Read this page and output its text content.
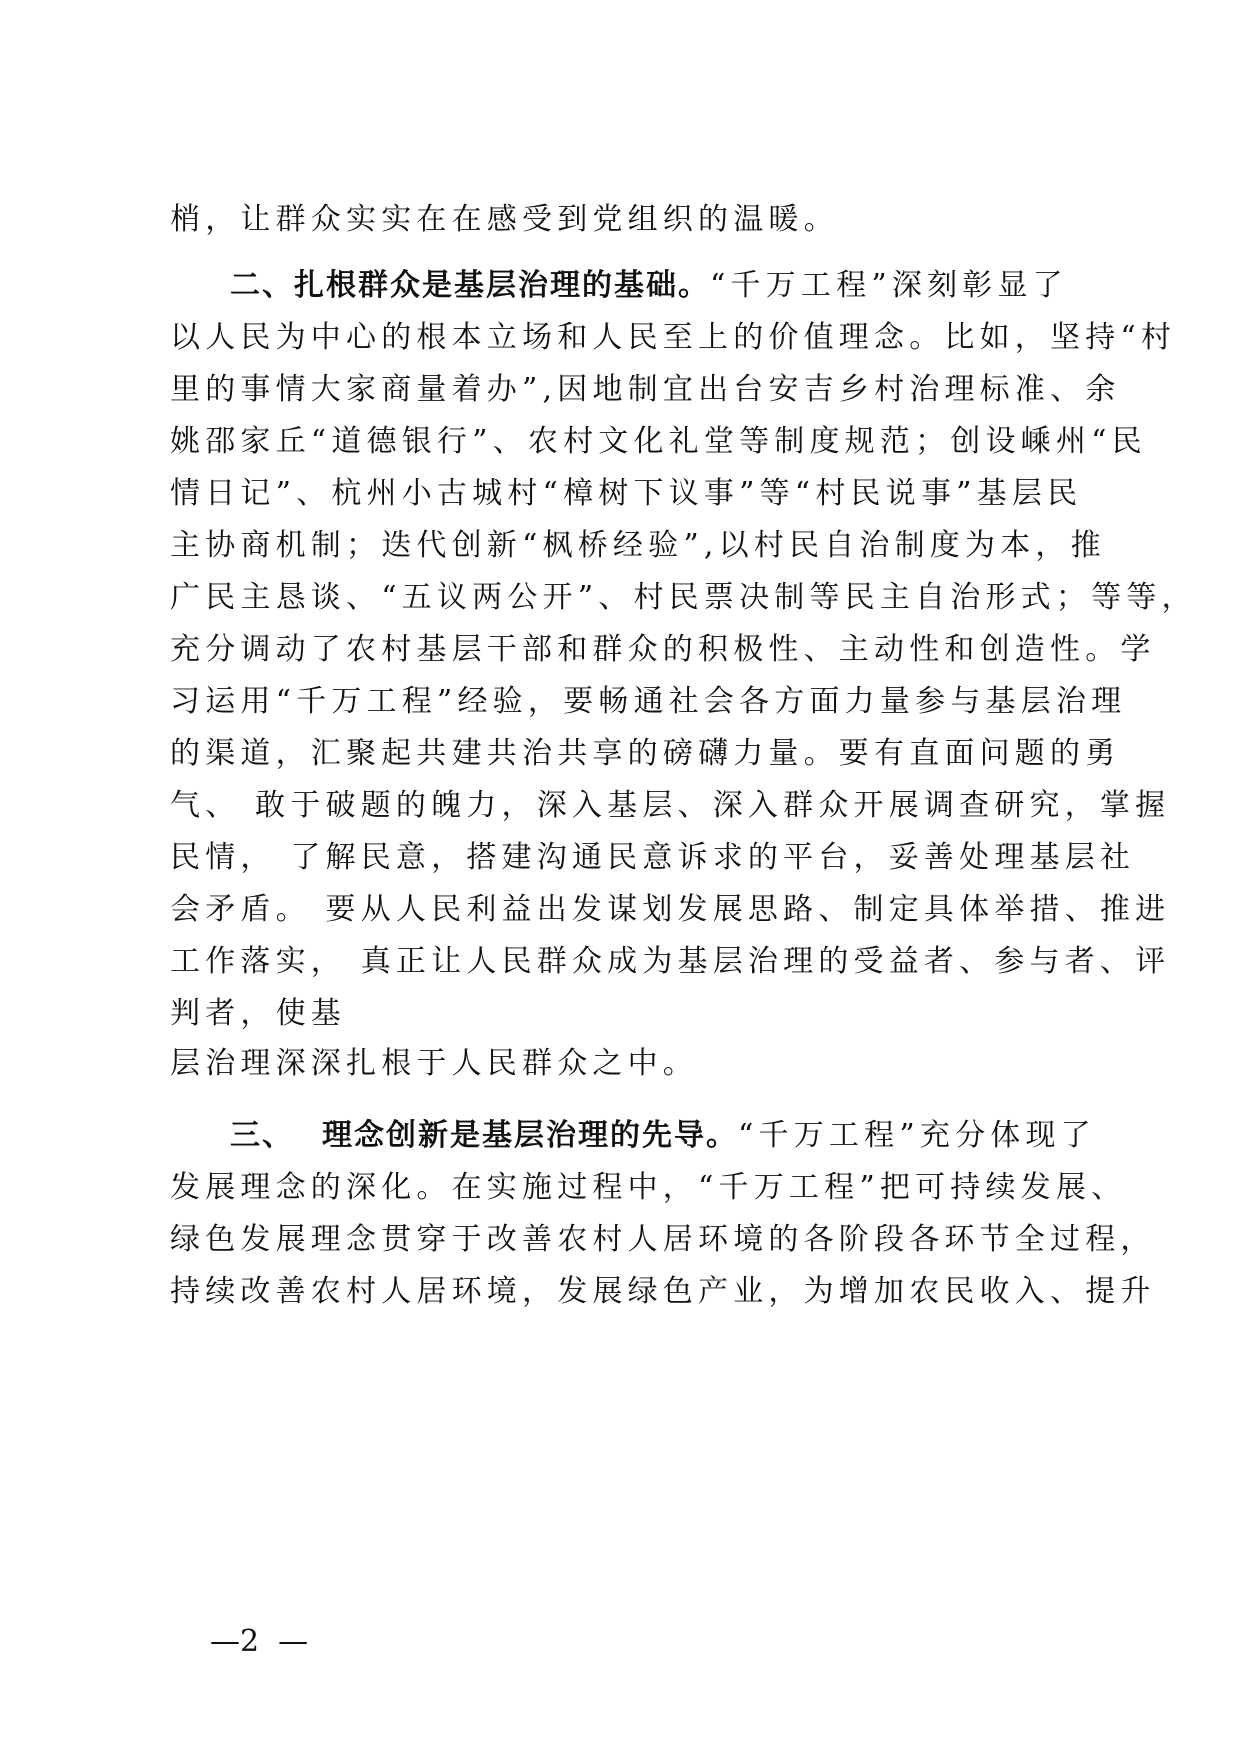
梢，让群众实实在在感受到党组织的温暖。
二、扎根群众是基层治理的基础。“千万工程”深刻彰显了
以人民为中心的根本立场和人民至上的价值理念。比如，坚持“村
里的事情大家商量着办”,因地制宜出台安吉乡村治理标准、余
姚邵家丘“道德银行”、农村文化礼堂等制度规范；创设嵊州“民
情日记”、杭州小古城村“樟树下议事”等“村民说事”基层民
主协商机制；迭代创新“枫桥经验”,以村民自治制度为本，推
广民主恳谈、“五议两公开”、村民票决制等民主自治形式；等等，
充分调动了农村基层干部和群众的积极性、主动性和创造性。学
习运用“千万工程”经验，要畅通社会各方面力量参与基层治理
的渠道，汇聚起共建共治共享的磅礴力量。要有直面问题的勇
气、 敢于破题的魄力，深入基层、深入群众开展调查研究，掌握
民情， 了解民意，搭建沟通民意诉求的平台，妥善处理基层社
会矛盾。 要从人民利益出发谋划发展思路、制定具体举措、推进
工作落实， 真正让人民群众成为基层治理的受益者、参与者、评
判者，使基
层治理深深扎根于人民群众之中。
三、 理念创新是基层治理的先导。“千万工程”充分体现了
发展理念的深化。在实施过程中，“千万工程”把可持续发展、
绿色发展理念贯穿于改善农村人居环境的各阶段各环节全过程，
持续改善农村人居环境，发展绿色产业，为增加农民收入、提升
—2  —
